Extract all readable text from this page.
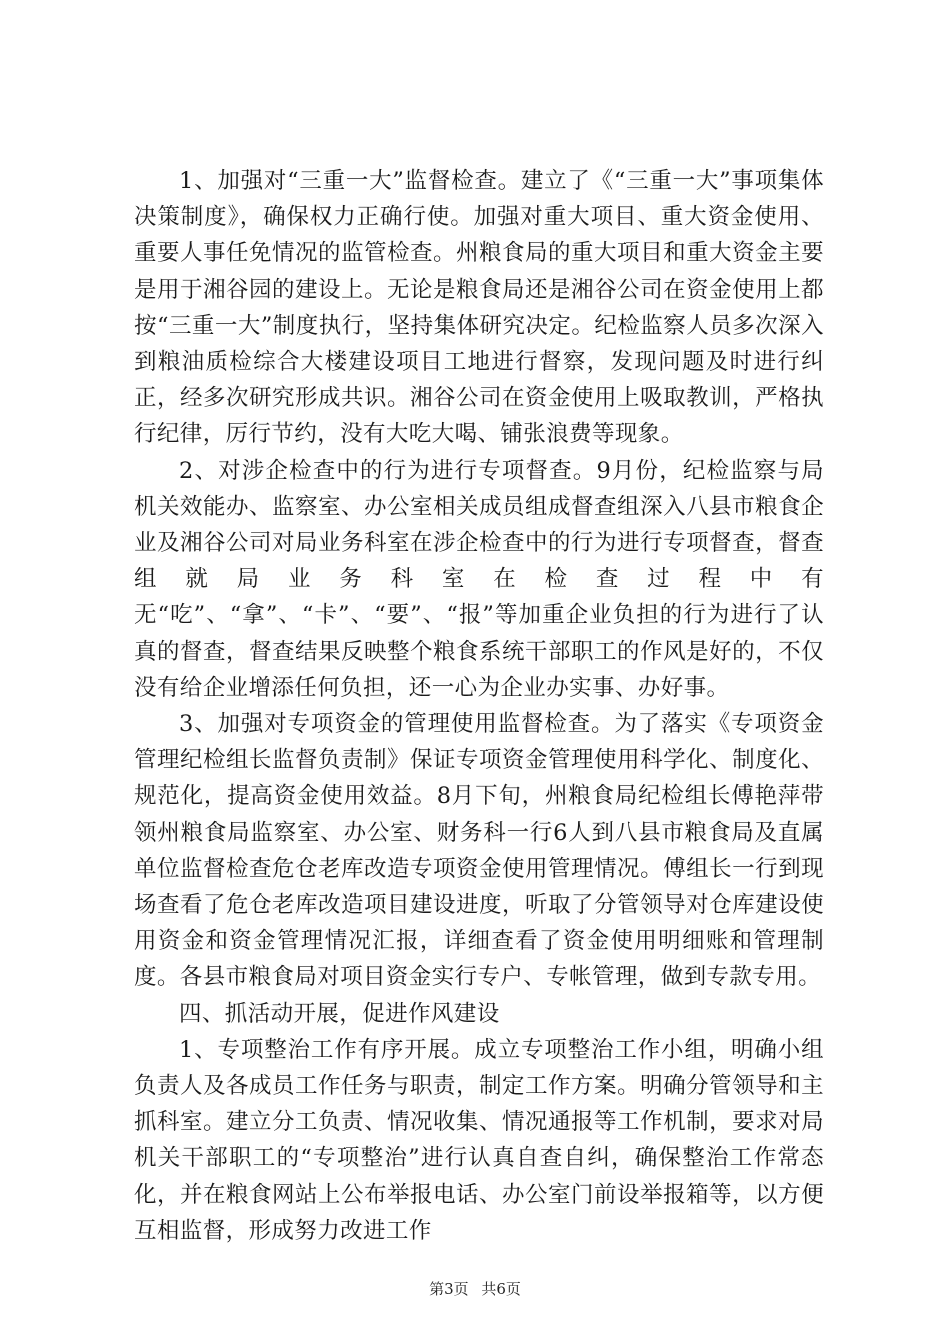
1、加强对“三重一大”监督检查。建立了《“三重一大”事项集体决策制度》，确保权力正确行使。加强对重大项目、重大资金使用、重要人事任免情况的监管检查。州粮食局的重大项目和重大资金主要是用于湘谷园的建设上。无论是粮食局还是湘谷公司在资金使用上都按“三重一大”制度执行，坚持集体研究决定。纪检监察人员多次深入到粮油质检综合大楼建设项目工地进行督察，发现问题及时进行纠正，经多次研究形成共识。湘谷公司在资金使用上吸取教训，严格执行纪律，厉行节约，没有大吃大喝、铺张浪费等现象。

2、对涉企检查中的行为进行专项督查。9月份，纪检监察与局机关效能办、监察室、办公室相关成员组成督查组深入八县市粮食企业及湘谷公司对局业务科室在涉企检查中的行为进行专项督查，督查组就局业务科室在检查过程中有无“吃”、“拿”、“卡”、“要”、“报”等加重企业负担的行为进行了认真的督查，督查结果反映整个粮食系统干部职工的作风是好的，不仅没有给企业增添任何负担，还一心为企业办实事、办好事。

3、加强对专项资金的管理使用监督检查。为了落实《专项资金管理纪检组长监督负责制》保证专项资金管理使用科学化、制度化、规范化，提高资金使用效益。8月下旬，州粮食局纪检组长傅艳萍带领州粮食局监察室、办公室、财务科一行6人到八县市粮食局及直属单位监督检查危仓老库改造专项资金使用管理情况。傅组长一行到现场查看了危仓老库改造项目建设进度，听取了分管领导对仓库建设使用资金和资金管理情况汇报，详细查看了资金使用明细账和管理制度。各县市粮食局对项目资金实行专户、专帐管理，做到专款专用。

四、抓活动开展，促进作风建设

1、专项整治工作有序开展。成立专项整治工作小组，明确小组负责人及各成员工作任务与职责，制定工作方案。明确分管领导和主抓科室。建立分工负责、情况收集、情况通报等工作机制，要求对局机关干部职工的“专项整治”进行认真自查自纠，确保整治工作常态化，并在粮食网站上公布举报电话、办公室门前设举报箱等，以方便互相监督，形成努力改进工作

第3页 共6页
